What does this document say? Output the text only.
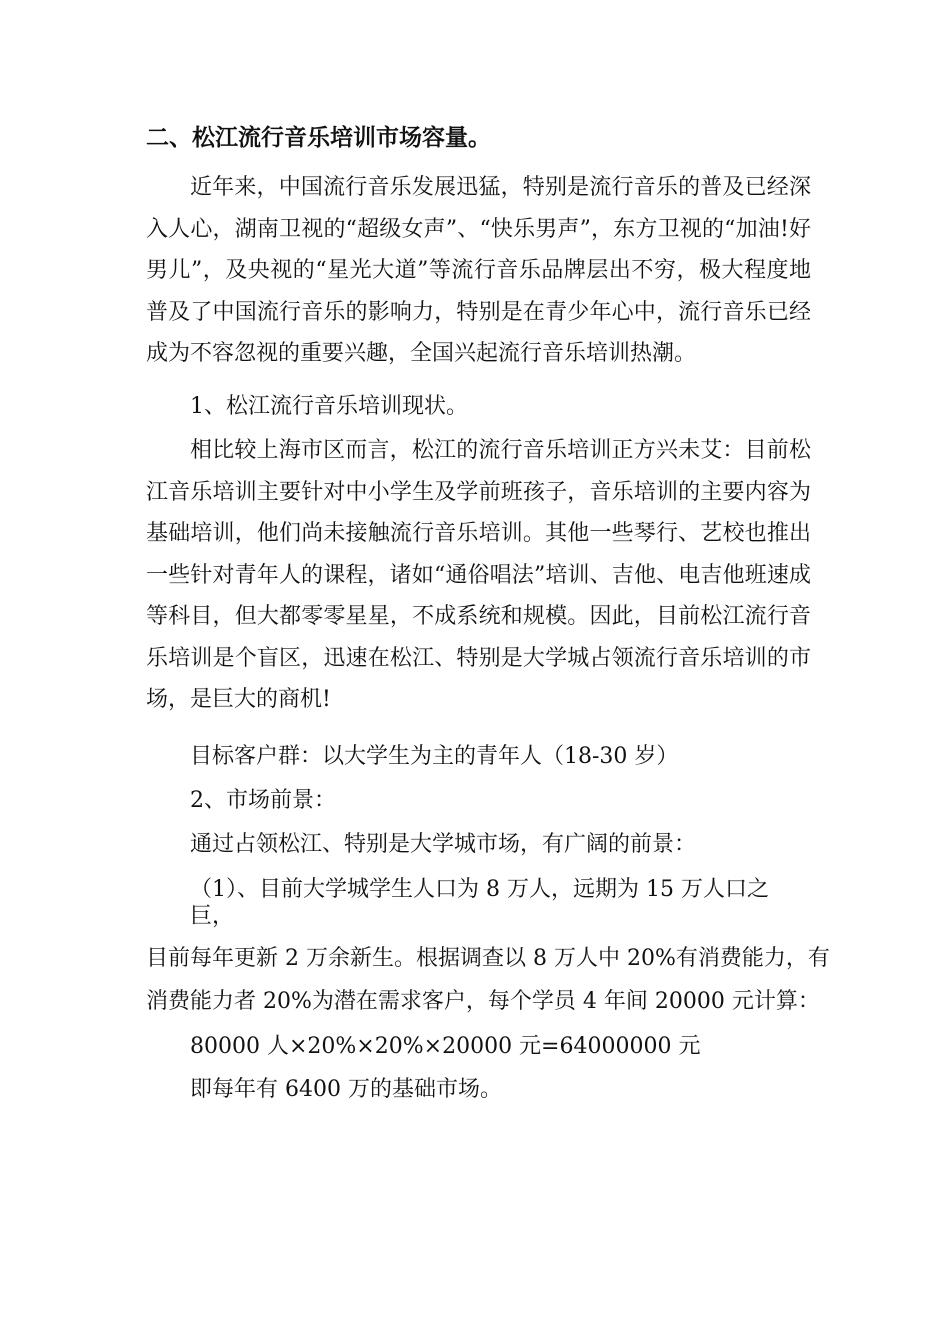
二、松江流行音乐培训市场容量。
近年来，中国流行音乐发展迅猛，特别是流行音乐的普及已经深入人心，湖南卫视的“超级女声”、“快乐男声”，东方卫视的“加油!好男儿”，及央视的“星光大道”等流行音乐品牌层出不穷，极大程度地普及了中国流行音乐的影响力，特别是在青少年心中，流行音乐已经成为不容忽视的重要兴趣，全国兴起流行音乐培训热潮。
1、松江流行音乐培训现状。
相比较上海市区而言，松江的流行音乐培训正方兴未艾：目前松江音乐培训主要针对中小学生及学前班孩子，音乐培训的主要内容为基础培训，他们尚未接触流行音乐培训。其他一些琴行、艺校也推出一些针对青年人的课程，诸如“通俗唱法”培训、吉他、电吉他班速成等科目，但大都零零星星，不成系统和规模。因此，目前松江流行音乐培训是个盲区，迅速在松江、特别是大学城占领流行音乐培训的市场，是巨大的商机!
目标客户群：以大学生为主的青年人（18-30 岁）
2、市场前景：
通过占领松江、特别是大学城市场，有广阔的前景：
（1）、目前大学城学生人口为 8 万人，远期为 15 万人口之
巨，
目前每年更新 2 万余新生。根据调查以 8 万人中 20%有消费能力，有
消费能力者 20%为潜在需求客户，每个学员 4 年间 20000 元计算：
80000 人×20%×20%×20000 元=64000000 元
即每年有 6400 万的基础市场。
